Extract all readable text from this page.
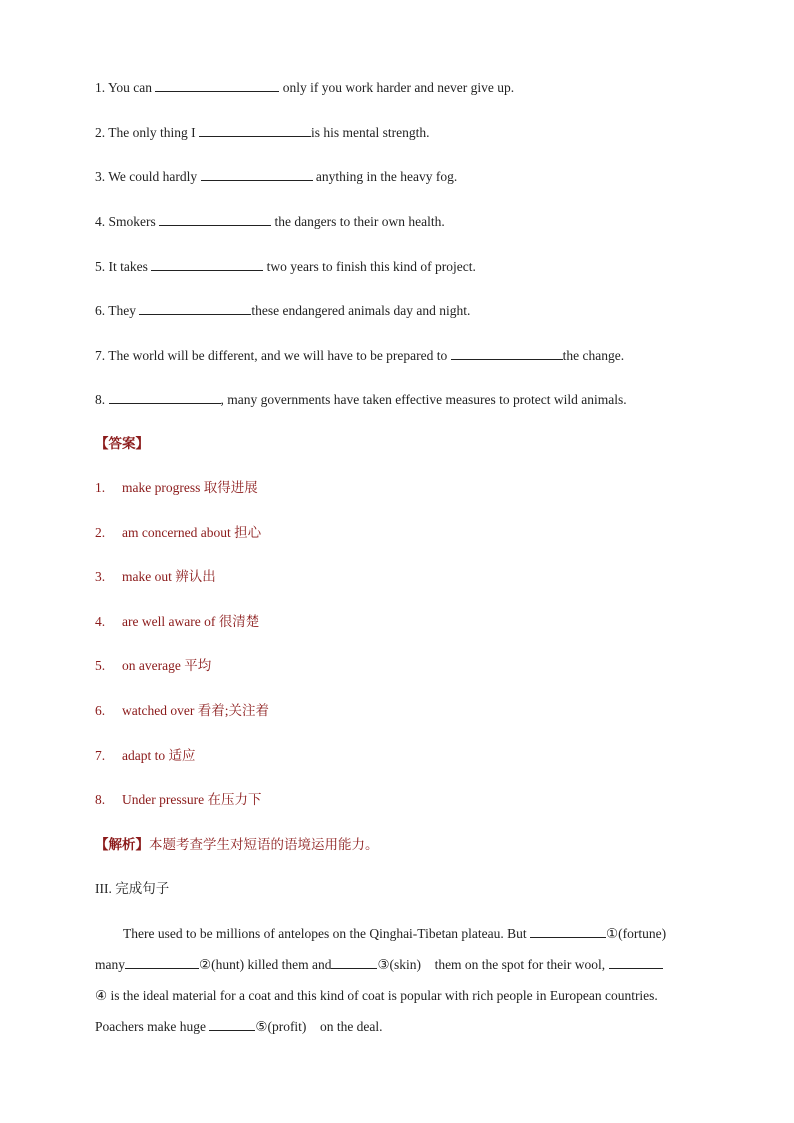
1. You can	only if you work harder and never give up.
2. The only thing I	is his mental strength.
3. We could hardly	anything in the heavy fog.
4. Smokers	the dangers to their own health.
5. It takes	two years to finish this kind of project.
6. They	these endangered animals day and night.
7. The world will be different, and we will have to be prepared to	the change.
8.	, many governments have taken effective measures to protect wild animals.
【答案】
1. make progress 取得进展
2. am concerned about 担心
3. make out 辨认出
4. are well aware of 很清楚
5. on average 平均
6. watched over 看着;关注着
7. adapt to 适应
8. Under pressure 在压力下
【解析】本题考查学生对短语的语境运用能力。
III. 完成句子
There used to be millions of antelopes on the Qinghai-Tibetan plateau. But	①(fortune)
many	②(hunt) killed them and	③(skin) them on the spot for their wool,
④ is the ideal material for a coat and this kind of coat is popular with rich people in European countries.
Poachers make huge	⑤(profit) on the deal.
